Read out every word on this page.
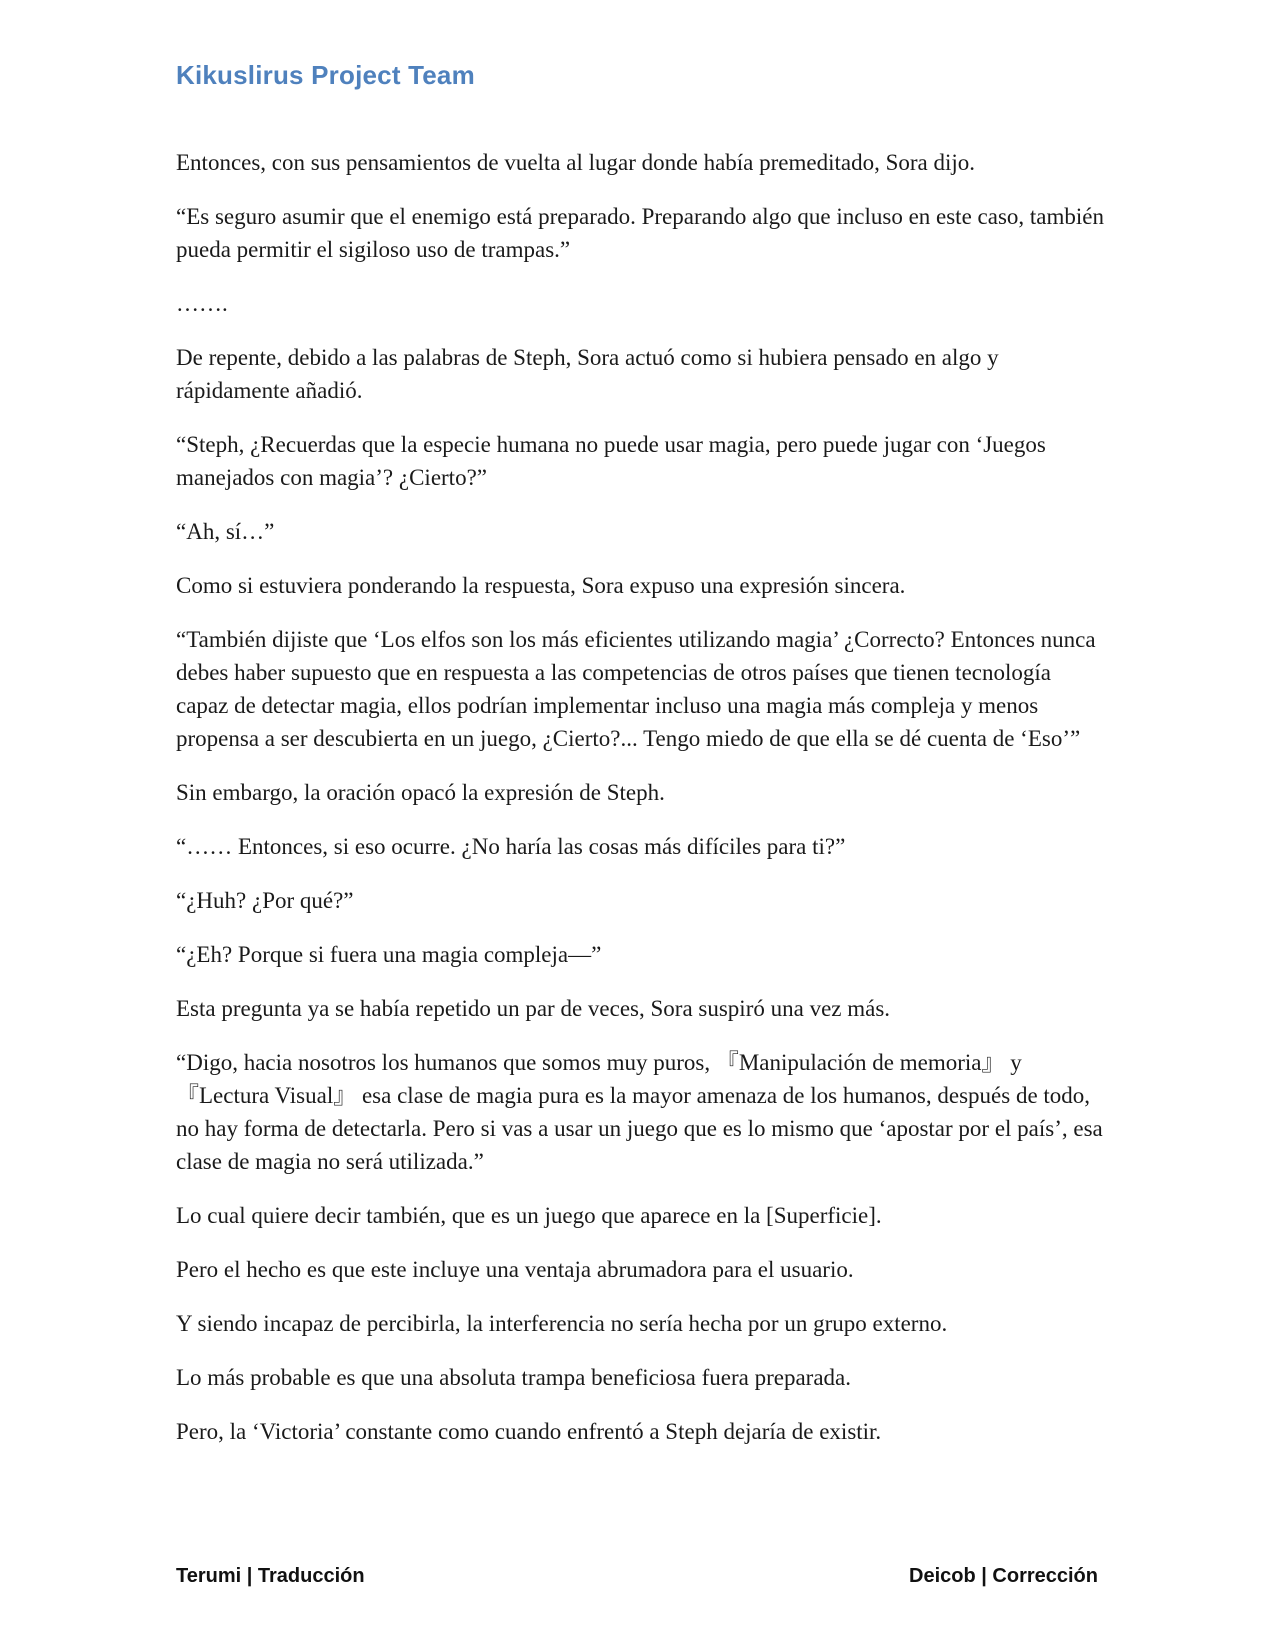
Kikuslirus Project Team

Entonces, con sus pensamientos de vuelta al lugar donde había premeditado, Sora dijo.

“Es seguro asumir que el enemigo está preparado. Preparando algo que incluso en este caso, también pueda permitir el sigiloso uso de trampas.”

…….

De repente, debido a las palabras de Steph, Sora actuó como si hubiera pensado en algo y rápidamente añadió.

“Steph, ¿Recuerdas que la especie humana no puede usar magia, pero puede jugar con ‘Juegos manejados con magia’? ¿Cierto?”

“Ah, sí…”

Como si estuviera ponderando la respuesta, Sora expuso una expresión sincera.

“También dijiste que ‘Los elfos son los más eficientes utilizando magia’ ¿Correcto? Entonces nunca debes haber supuesto que en respuesta a las competencias de otros países que tienen tecnología capaz de detectar magia, ellos podrían implementar incluso una magia más compleja y menos propensa a ser descubierta en un juego, ¿Cierto?... Tengo miedo de que ella se dé cuenta de ‘Eso’”

Sin embargo, la oración opacó la expresión de Steph.

“…… Entonces, si eso ocurre. ¿No haría las cosas más difíciles para ti?”

“¿Huh? ¿Por qué?”

“¿Eh? Porque si fuera una magia compleja—”

Esta pregunta ya se había repetido un par de veces, Sora suspiró una vez más.

“Digo, hacia nosotros los humanos que somos muy puros, 『Manipulación de memoria』 y 『Lectura Visual』 esa clase de magia pura es la mayor amenaza de los humanos, después de todo, no hay forma de detectarla. Pero si vas a usar un juego que es lo mismo que ‘apostar por el país’, esa clase de magia no será utilizada.”

Lo cual quiere decir también, que es un juego que aparece en la [Superficie].

Pero el hecho es que este incluye una ventaja abrumadora para el usuario.

Y siendo incapaz de percibirla, la interferencia no sería hecha por un grupo externo.

Lo más probable es que una absoluta trampa beneficiosa fuera preparada.

Pero, la ‘Victoria’ constante como cuando enfrentó a Steph dejaría de existir.

Terumi | Traducción	Deicob | Corrección
